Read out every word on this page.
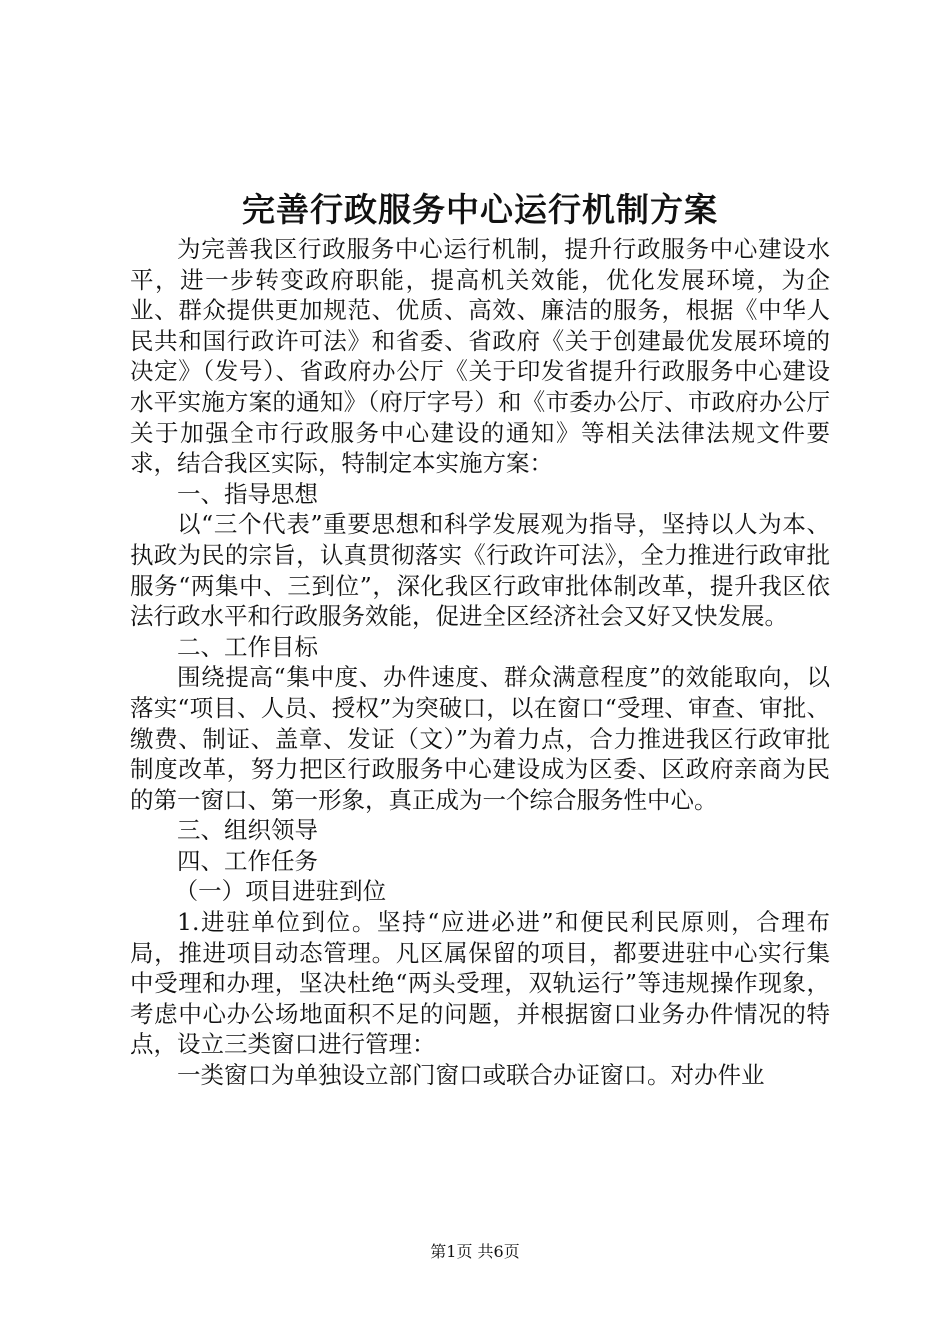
完善行政服务中心运行机制方案

为完善我区行政服务中心运行机制，提升行政服务中心建设水平，进一步转变政府职能，提高机关效能，优化发展环境，为企业、群众提供更加规范、优质、高效、廉洁的服务，根据《中华人民共和国行政许可法》和省委、省政府《关于创建最优发展环境的决定》（发号）、省政府办公厅《关于印发省提升行政服务中心建设水平实施方案的通知》（府厅字号）和《市委办公厅、市政府办公厅关于加强全市行政服务中心建设的通知》等相关法律法规文件要求，结合我区实际，特制定本实施方案：

一、指导思想

以“三个代表”重要思想和科学发展观为指导，坚持以人为本、执政为民的宗旨，认真贯彻落实《行政许可法》，全力推进行政审批服务“两集中、三到位”，深化我区行政审批体制改革，提升我区依法行政水平和行政服务效能，促进全区经济社会又好又快发展。

二、工作目标

围绕提高“集中度、办件速度、群众满意程度”的效能取向，以落实“项目、人员、授权”为突破口，以在窗口“受理、审查、审批、缴费、制证、盖章、发证（文）”为着力点，合力推进我区行政审批制度改革，努力把区行政服务中心建设成为区委、区政府亲商为民的第一窗口、第一形象，真正成为一个综合服务性中心。

三、组织领导

四、工作任务

（一）项目进驻到位

1.进驻单位到位。坚持“应进必进”和便民利民原则，合理布局，推进项目动态管理。凡区属保留的项目，都要进驻中心实行集中受理和办理，坚决杜绝“两头受理，双轨运行”等违规操作现象，考虑中心办公场地面积不足的问题，并根据窗口业务办件情况的特点，设立三类窗口进行管理：

一类窗口为单独设立部门窗口或联合办证窗口。对办件业

第1页 共6页
